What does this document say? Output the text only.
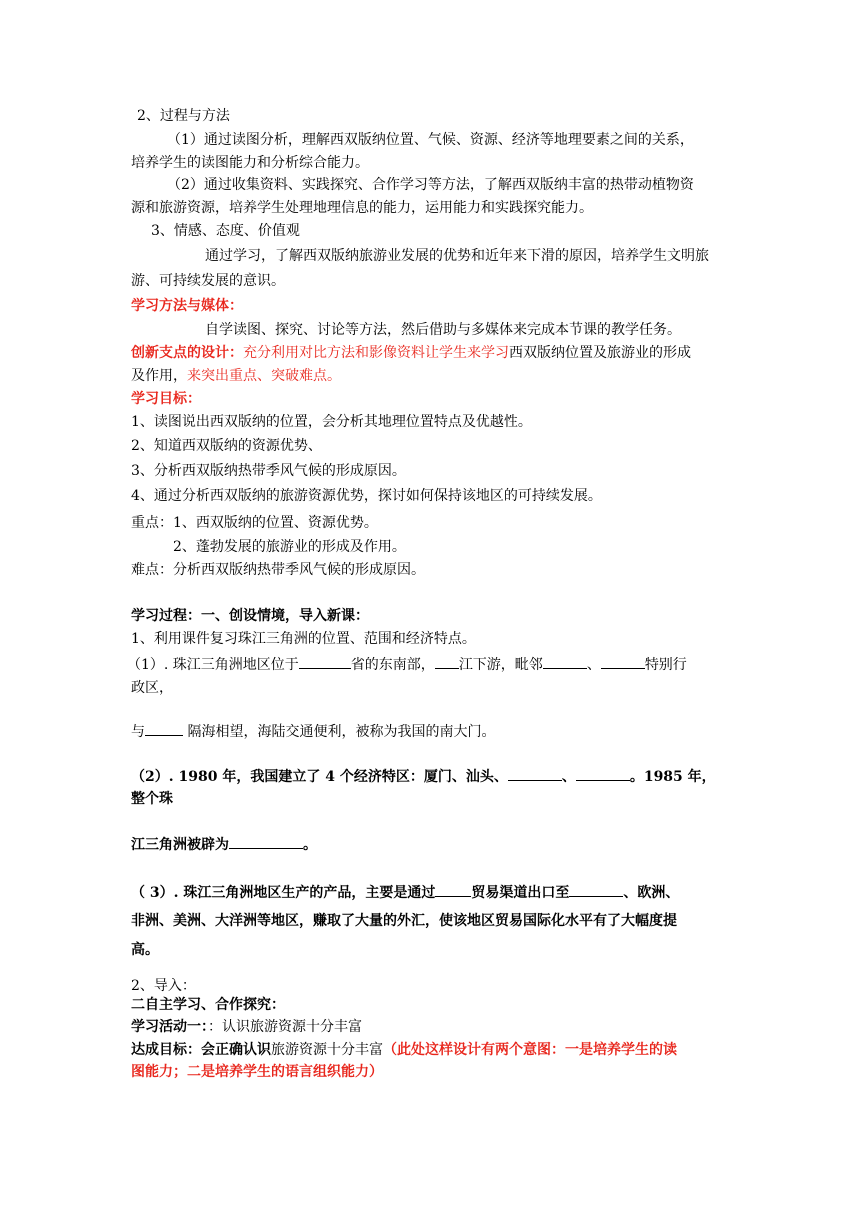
2、过程与方法
（1）通过读图分析，理解西双版纳位置、气候、资源、经济等地理要素之间的关系，
培养学生的读图能力和分析综合能力。
（2）通过收集资料、实践探究、合作学习等方法，了解西双版纳丰富的热带动植物资
源和旅游资源，培养学生处理地理信息的能力，运用能力和实践探究能力。
3、情感、态度、价值观
通过学习，了解西双版纳旅游业发展的优势和近年来下滑的原因，培养学生文明旅
游、可持续发展的意识。
学习方法与媒体：
自学读图、探究、讨论等方法，然后借助与多媒体来完成本节课的教学任务。
创新支点的设计：充分利用对比方法和影像资料让学生来学习西双版纳位置及旅游业的形成
及作用，来突出重点、突破难点。
学习目标：
1、读图说出西双版纳的位置，会分析其地理位置特点及优越性。
2、知道西双版纳的资源优势、
3、分析西双版纳热带季风气候的形成原因。
4、通过分析西双版纳的旅游资源优势，探讨如何保持该地区的可持续发展。
重点：1、西双版纳的位置、资源优势。
2、蓬勃发展的旅游业的形成及作用。
难点：分析西双版纳热带季风气候的形成原因。
学习过程：一、创设情境，导入新课：
1、利用课件复习珠江三角洲的位置、范围和经济特点。
（1）. 珠江三角洲地区位于	省的东南部， 江下游，毗邻	、	特别行
政区，
与	隔海相望，海陆交通便利，被称为我国的南大门。
（2）. 1980 年，我国建立了 4 个经济特区：厦门、汕头、	、	。1985 年，
整个珠
江三角洲被辟为	。
（ 3）. 珠江三角洲地区生产的产品，主要是通过	贸易渠道出口至	、欧洲、
非洲、美洲、大洋洲等地区，赚取了大量的外汇，使该地区贸易国际化水平有了大幅度提
高。
2、导入：
二自主学习、合作探究：
学习活动一：：认识旅游资源十分丰富
达成目标：会正确认识旅游资源十分丰富（此处这样设计有两个意图：一是培养学生的读
图能力；二是培养学生的语言组织能力）
